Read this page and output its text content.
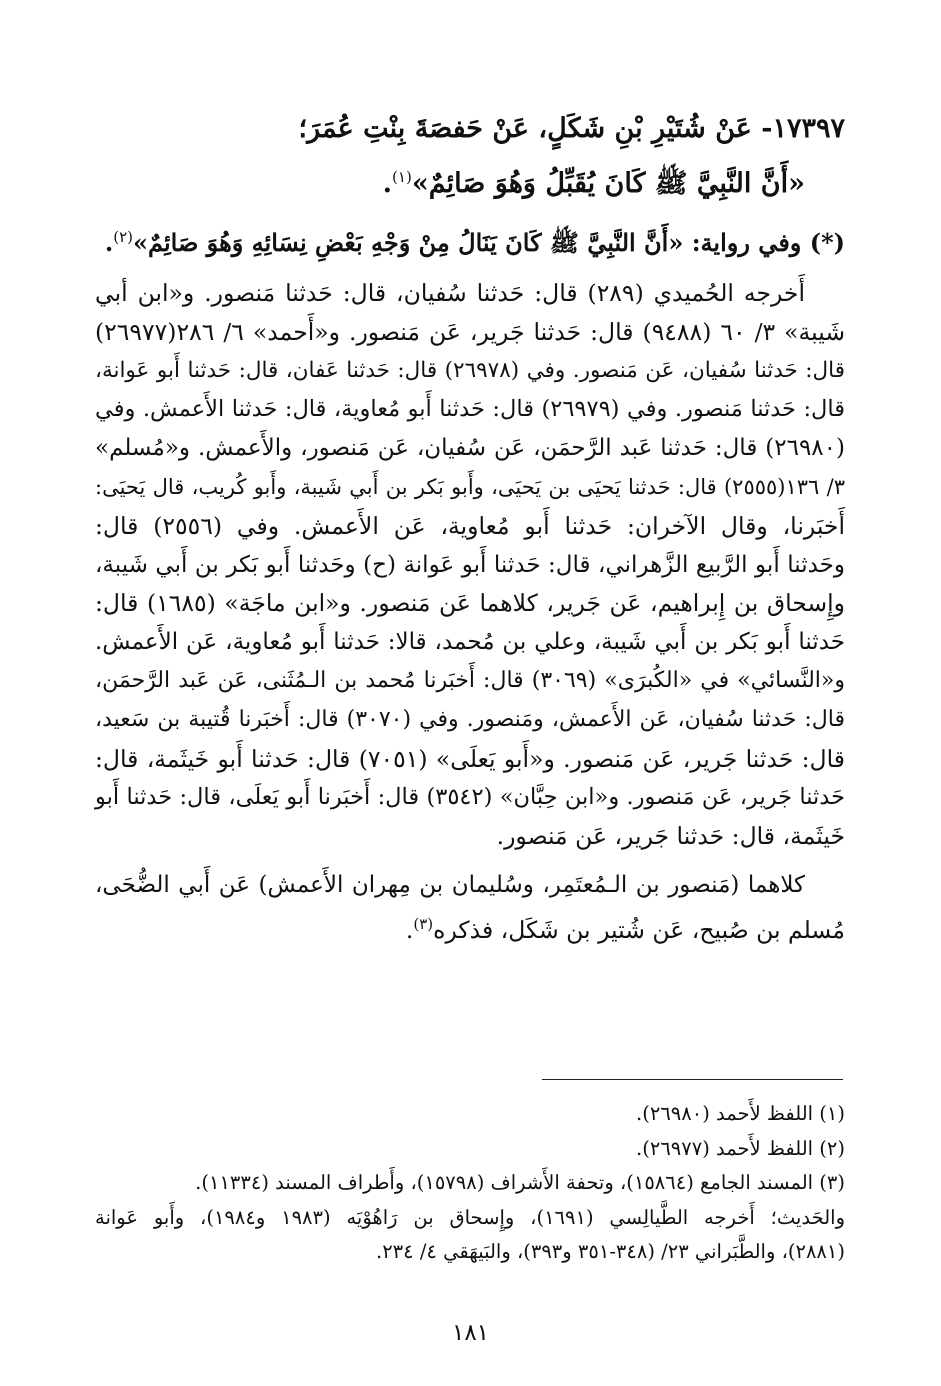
١٧٣٩٧- عَنْ شُتَيْرِ بْنِ شَكَلٍ، عَنْ حَفصَةَ بِنْتِ عُمَرَ؛
«أَنَّ النَّبِيَّ ﷺ كَانَ يُقَبِّلُ وَهُوَ صَائِمٌ»$^{(١)}$.
(*) وفي رواية: «أَنَّ النَّبِيَّ ﷺ كَانَ يَنَالُ مِنْ وَجْهِ بَعْضِ نِسَائِهِ وَهُوَ صَائِمٌ»$^{(٢)}$.
أَخرجه الحُميدي (٢٨٩) قال: حَدثنا سُفيان، قال: حَدثنا مَنصور. و«ابن أبي
شَيبة» ٣/ ٦٠ (٩٤٨٨) قال: حَدثنا جَرير، عَن مَنصور. و«أَحمد» ٦/ ٢٨٦(٢٦٩٧٧)
قال: حَدثنا سُفيان، عَن مَنصور. وفي (٢٦٩٧٨) قال: حَدثنا عَفان، قال: حَدثنا أَبو عَوانة،
قال: حَدثنا مَنصور. وفي (٢٦٩٧٩) قال: حَدثنا أَبو مُعاوية، قال: حَدثنا الأَعمش. وفي
(٢٦٩٨٠) قال: حَدثنا عَبد الرَّحمَن، عَن سُفيان، عَن مَنصور، والأَعمش. و«مُسلم»
٣/ ١٣٦(٢٥٥٥) قال: حَدثنا يَحيَى بن يَحيَى، وأَبو بَكر بن أَبي شَيبة، وأَبو كُريب، قال يَحيَى:
أَخبَرنا، وقال الآخران: حَدثنا أَبو مُعاوية، عَن الأَعمش. وفي (٢٥٥٦) قال:
وحَدثنا أَبو الرَّبيع الزَّهراني، قال: حَدثنا أَبو عَوانة (ح) وحَدثنا أَبو بَكر بن أَبي شَيبة،
وإِسحاق بن إِبراهيم، عَن جَرير، كلاهما عَن مَنصور. و«ابن ماجَة» (١٦٨٥) قال:
حَدثنا أَبو بَكر بن أَبي شَيبة، وعلي بن مُحمد، قالا: حَدثنا أَبو مُعاوية، عَن الأَعمش.
و«النَّسائي» في «الكُبرَى» (٣٠٦٩) قال: أَخبَرنا مُحمد بن الـمُثَنى، عَن عَبد الرَّحمَن،
قال: حَدثنا سُفيان، عَن الأَعمش، ومَنصور. وفي (٣٠٧٠) قال: أَخبَرنا قُتيبة بن سَعيد،
قال: حَدثنا جَرير، عَن مَنصور. و«أَبو يَعلَى» (٧٠٥١) قال: حَدثنا أَبو خَيثَمة، قال:
حَدثنا جَرير، عَن مَنصور. و«ابن حِبَّان» (٣٥٤٢) قال: أَخبَرنا أَبو يَعلَى، قال: حَدثنا أَبو
خَيثَمة، قال: حَدثنا جَرير، عَن مَنصور.
كلاهما (مَنصور بن الـمُعتَمِر، وسُليمان بن مِهران الأَعمش) عَن أَبي الضُّحَى،
مُسلم بن صُبيح، عَن شُتير بن شَكَل، فذكره$^{(٣)}$.
(١) اللفظ لأَحمد (٢٦٩٨٠).
(٢) اللفظ لأَحمد (٢٦٩٧٧).
(٣) المسند الجامع (١٥٨٦٤)، وتحفة الأَشراف (١٥٧٩٨)، وأَطراف المسند (١١٣٣٤).
والحَديث؛ أَخرجه الطَّيالِسي (١٦٩١)، وإِسحاق بن رَاهُوْيَه (١٩٨٣ و١٩٨٤)، وأَبو عَوانة
(٢٨٨١)، والطَّبَراني ٢٣/ (٣٤٨-٣٥١ و٣٩٣)، والبَيهَقي ٤/ ٢٣٤.
١٨١
